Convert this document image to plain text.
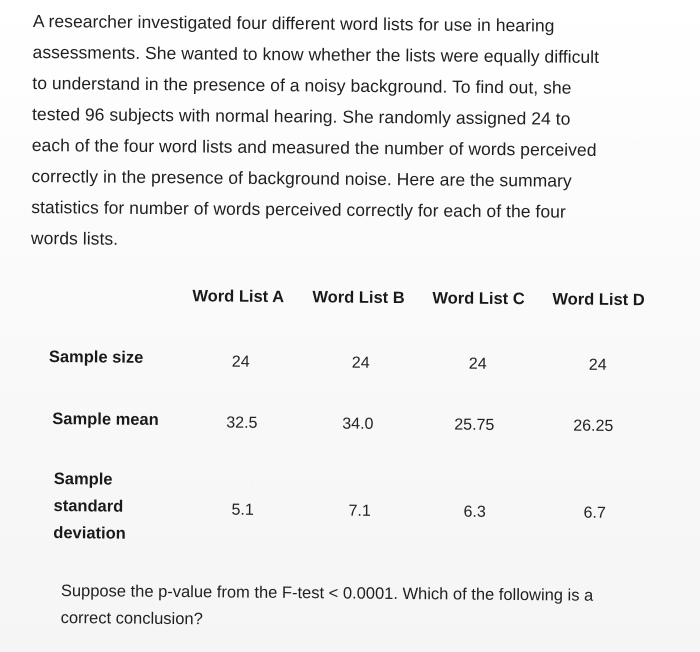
A researcher investigated four different word lists for use in hearing
assessments. She wanted to know whether the lists were equally difficult
to understand in the presence of a noisy background. To find out, she
tested 96 subjects with normal hearing. She randomly assigned 24 to
each of the four word lists and measured the number of words perceived
correctly in the presence of background noise. Here are the summary
statistics for number of words perceived correctly for each of the four
words lists.
Word List A Word List B Word List C Word List D
Sample size	24	24	24	24
Sample mean	32.5	34.0	25.75	26.25
Sample
standard
deviation
5.1	7.1	6.3	6.7
Suppose the p-value from the F-test < 0.0001. Which of the following is a
correct conclusion?
